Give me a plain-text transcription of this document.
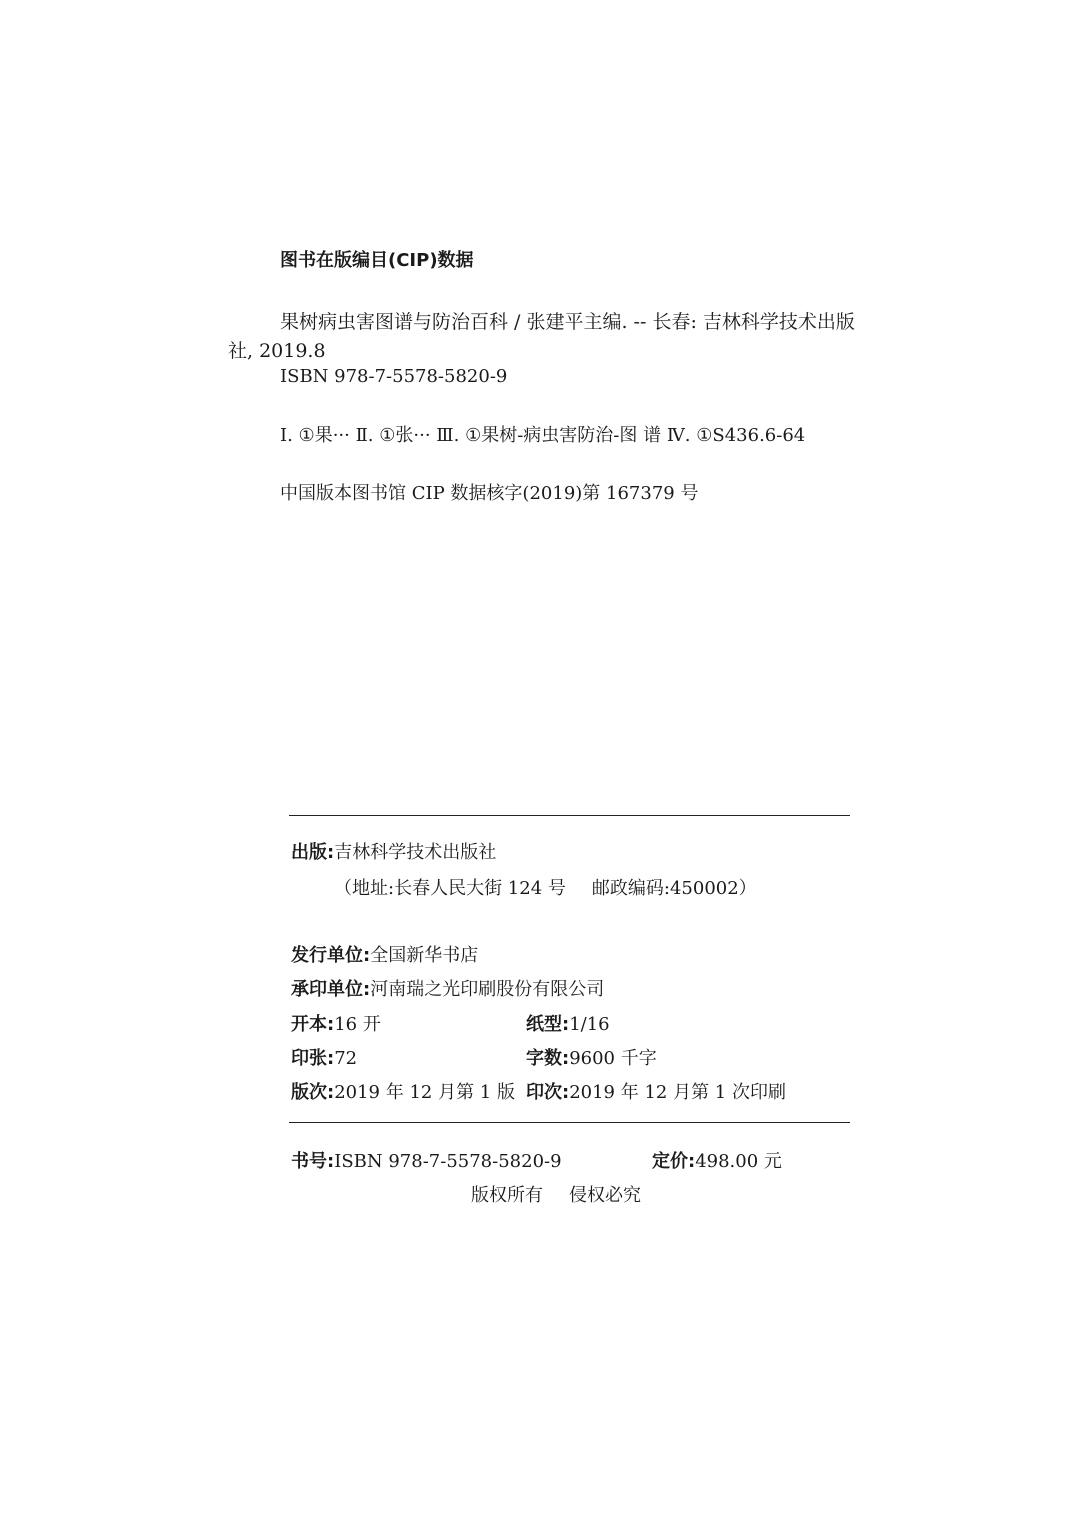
图书在版编目(CIP)数据
果树病虫害图谱与防治百科 / 张建平主编. -- 长春: 吉林科学技术出版
社, 2019.8
ISBN 978-7-5578-5820-9
Ⅰ. ①果··· Ⅱ. ①张··· Ⅲ. ①果树-病虫害防治-图 谱 Ⅳ. ①S436.6-64
中国版本图书馆 CIP 数据核字(2019)第 167379 号
出版:吉林科学技术出版社
（地址:长春人民大街 124 号 邮政编码:450002）
发行单位:全国新华书店
承印单位:河南瑞之光印刷股份有限公司
开本:16 开	纸型:1/16
印张:72	字数:9600 千字
版次:2019 年 12 月第 1 版 印次:2019 年 12 月第 1 次印刷
书号:ISBN 978-7-5578-5820-9	定价:498.00 元
版权所有 侵权必究
